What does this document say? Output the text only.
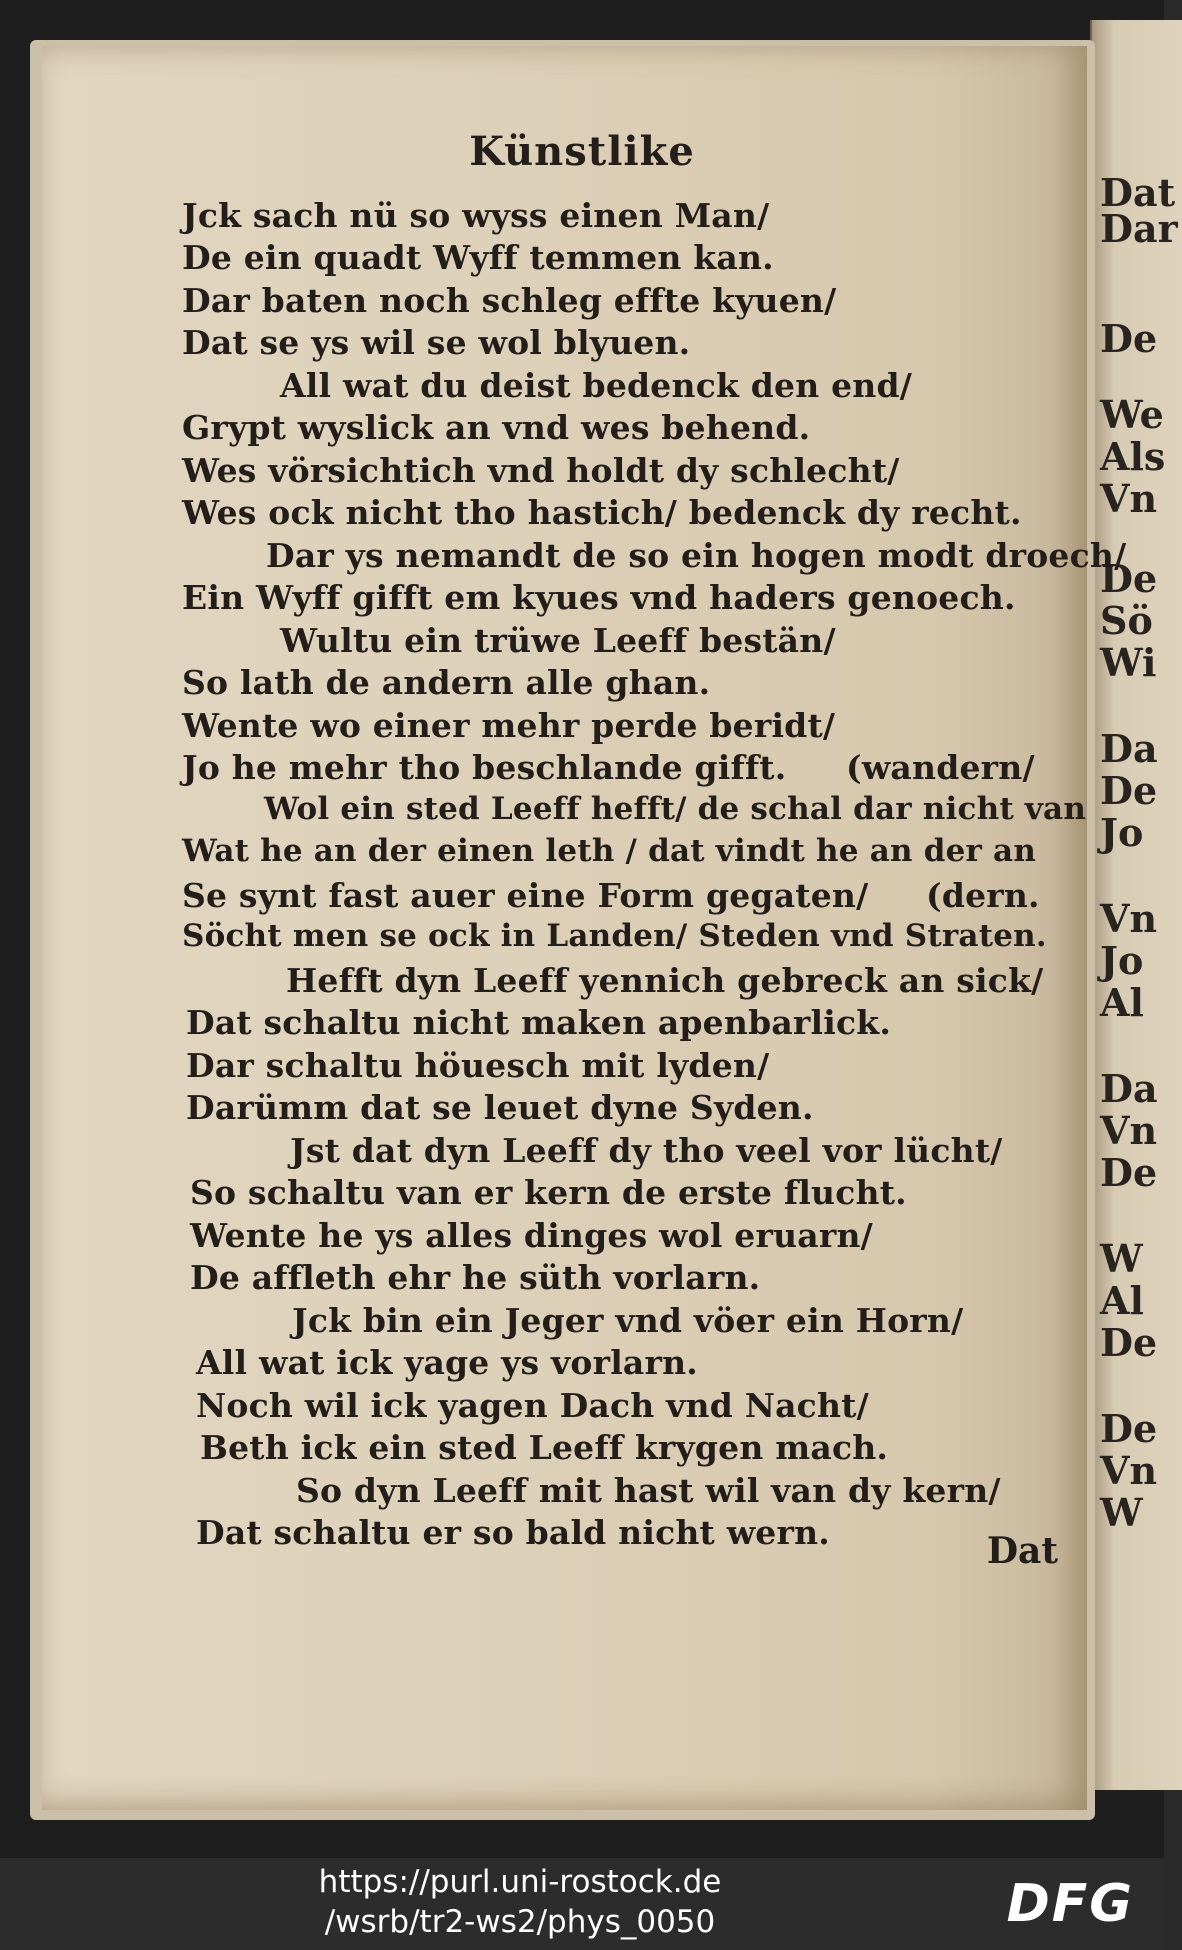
Dat
Dar
De
We
Als
Vn
De
Sö
Wi
Da
De
Jo
Vn
Jo
Al
Da
Vn
De
W
Al
De
De
Vn
W
Künstlike
Jck sach nü so wyss einen Man/
De ein quadt Wyff temmen kan.
Dar baten noch schleg effte kyuen/
Dat se ys wil se wol blyuen.
All wat du deist bedenck den end/
Grypt wyslick an vnd wes behend.
Wes vörsichtich vnd holdt dy schlecht/
Wes ock nicht tho hastich/ bedenck dy recht.
Dar ys nemandt de so ein hogen modt droech/
Ein Wyff gifft em kyues vnd haders genoech.
Wultu ein trüwe Leeff bestän/
So lath de andern alle ghan.
Wente wo einer mehr perde beridt/
Jo he mehr tho beschlande gifft. (wandern/
Wol ein sted Leeff hefft/ de schal dar nicht van
Wat he an der einen leth / dat vindt he an der an
Se synt fast auer eine Form gegaten/ (dern.
Söcht men se ock in Landen/ Steden vnd Straten.
Hefft dyn Leeff yennich gebreck an sick/
Dat schaltu nicht maken apenbarlick.
Dar schaltu höuesch mit lyden/
Darümm dat se leuet dyne Syden.
Jst dat dyn Leeff dy tho veel vor lücht/
So schaltu van er kern de erste flucht.
Wente he ys alles dinges wol eruarn/
De affleth ehr he süth vorlarn.
Jck bin ein Jeger vnd vöer ein Horn/
All wat ick yage ys vorlarn.
Noch wil ick yagen Dach vnd Nacht/
Beth ick ein sted Leeff krygen mach.
So dyn Leeff mit hast wil van dy kern/
Dat schaltu er so bald nicht wern.	Dat
https://purl.uni-rostock.de
/wsrb/tr2-ws2/phys_0050	DFG
